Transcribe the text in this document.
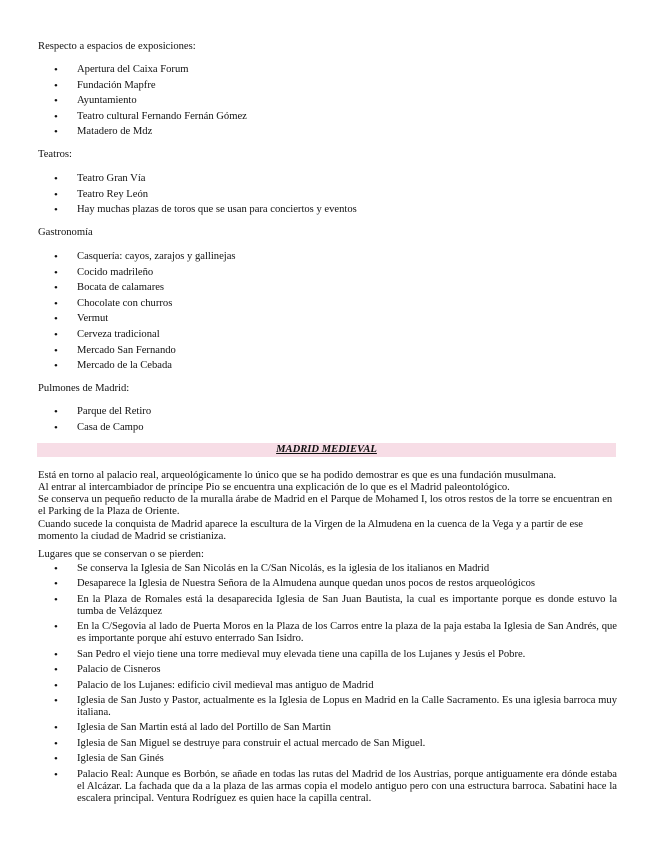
Respecto a espacios de exposiciones:
• Apertura del Caixa Forum
• Fundación Mapfre
• Ayuntamiento
• Teatro cultural Fernando Fernán Gómez
• Matadero de Mdz
Teatros:
• Teatro Gran Vía
• Teatro Rey León
• Hay muchas plazas de toros que se usan para conciertos y eventos
Gastronomía
• Casquería: cayos, zarajos y gallinejas
• Cocido madrileño
• Bocata de calamares
• Chocolate con churros
• Vermut
• Cerveza tradicional
• Mercado San Fernando
• Mercado de la Cebada
Pulmones de Madrid:
• Parque del Retiro
• Casa de Campo
MADRID MEDIEVAL

Está en torno al palacio real, arqueológicamente lo único que se ha podido demostrar es que es una fundación musulmana.

Al entrar al intercambiador de príncipe Pio se encuentra una explicación de lo que es el Madrid paleontológico.

Se conserva un pequeño reducto de la muralla árabe de Madrid en el Parque de Mohamed I, los otros restos de la torre se encuentran en el Parking de la Plaza de Oriente.

Cuando sucede la conquista de Madrid aparece la escultura de la Virgen de la Almudena en la cuenca de la Vega y a partir de ese momento la ciudad de Madrid se cristianiza.

Lugares que se conservan o se pierden:

• Se conserva la Iglesia de San Nicolás en la C/San Nicolás, es la iglesia de los italianos en Madrid
• Desaparece la Iglesia de Nuestra Señora de la Almudena aunque quedan unos pocos de restos arqueológicos
• En la Plaza de Romales está la desaparecida Iglesia de San Juan Bautista, la cual es importante porque es donde estuvo la tumba de Velázquez
• En la C/Segovia al lado de Puerta Moros en la Plaza de los Carros entre la plaza de la paja estaba la Iglesia de San Andrés, que es importante porque ahí estuvo enterrado San Isidro.
• San Pedro el viejo tiene una torre medieval muy elevada tiene una capilla de los Lujanes y Jesús el Pobre.
• Palacio de Cisneros
• Palacio de los Lujanes: edificio civil medieval mas antiguo de Madrid
• Iglesia de San Justo y Pastor, actualmente es la Iglesia de Lopus en Madrid en la Calle Sacramento. Es una iglesia barroca muy italiana.
• Iglesia de San Martin está al lado del Portillo de San Martin
• Iglesia de San Miguel se destruye para construir el actual mercado de San Miguel.
• Iglesia de San Ginés
• Palacio Real: Aunque es Borbón, se añade en todas las rutas del Madrid de los Austrias, porque antiguamente era dónde estaba el Alcázar. La fachada que da a la plaza de las armas copia el modelo antiguo pero con una estructura barroca. Sabatini hace la escalera principal. Ventura Rodríguez es quien hace la capilla central.
